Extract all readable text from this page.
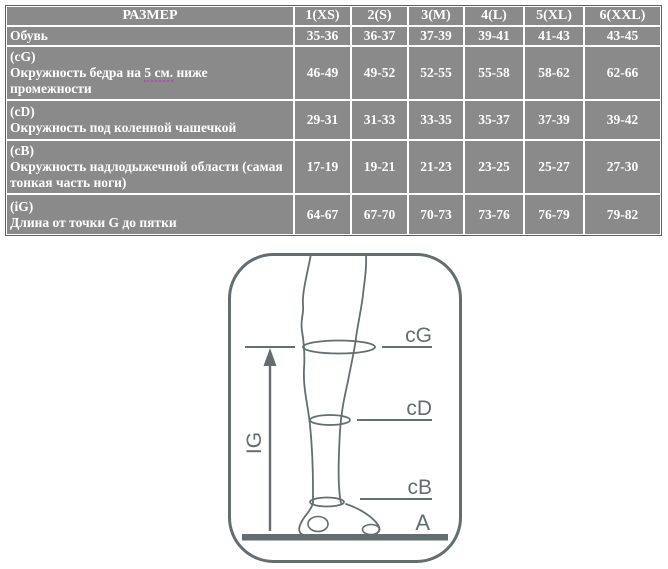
РАЗМЕР	1(XS)	2(S)	3(M)	4(L)	5(XL)	6(XXL)

Обувь	35-36	36-37	37-39	39-41	41-43	43-45

(cG)
Окружность бедра на 5 см. ниже промежности	46-49	49-52	52-55	55-58	58-62	62-66

(cD)
Окружность под коленной чашечкой	29-31	31-33	33-35	35-37	37-39	39-42

(cB)
Окружность надлодыжечной области (самая тонкая часть ноги)	17-19	19-21	21-23	23-25	25-27	27-30

(iG)
Длина от точки G до пятки	64-67	67-70	70-73	73-76	76-79	79-82
cG
cD
cB
A
IG
